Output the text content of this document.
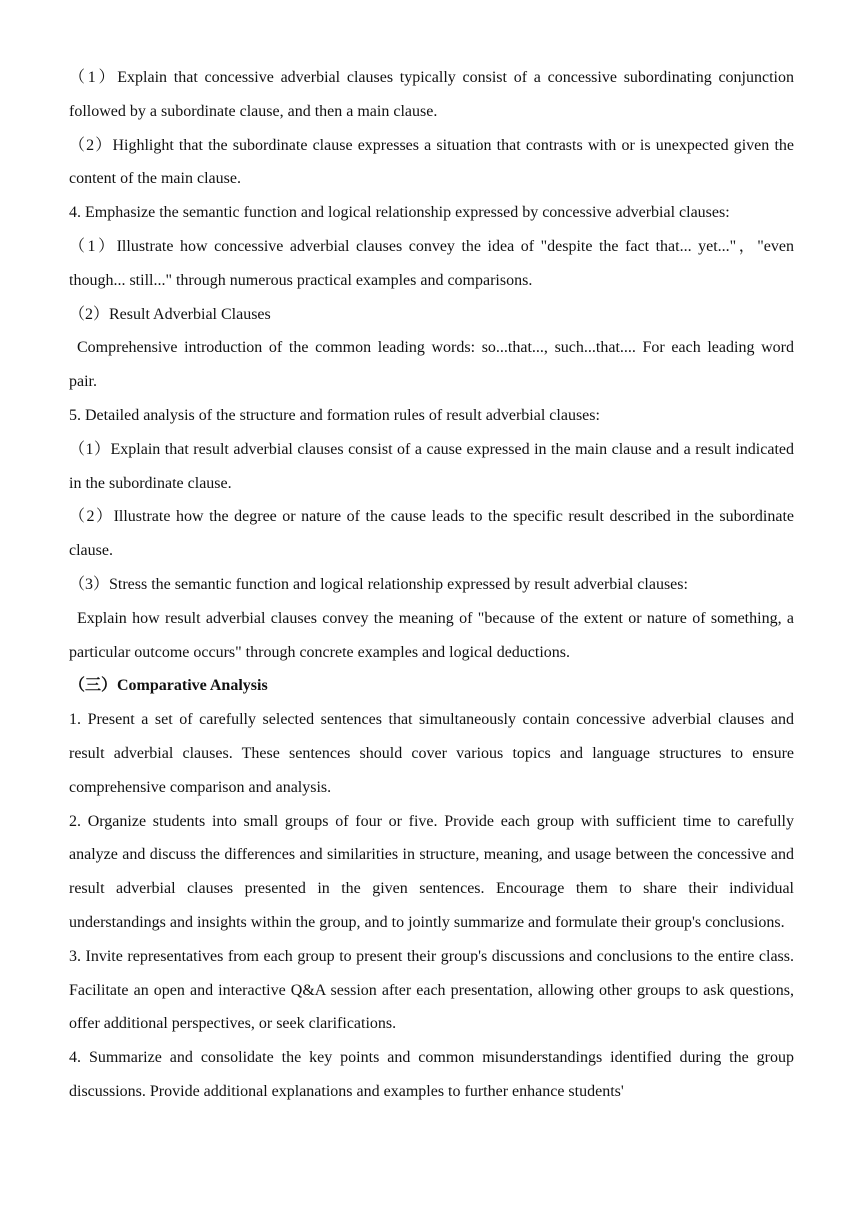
（1）Explain that concessive adverbial clauses typically consist of a concessive subordinating conjunction followed by a subordinate clause, and then a main clause.

（2）Highlight that the subordinate clause expresses a situation that contrasts with or is unexpected given the content of the main clause.

4. Emphasize the semantic function and logical relationship expressed by concessive adverbial clauses:

（1）Illustrate how concessive adverbial clauses convey the idea of "despite the fact that... yet..."，"even though... still..." through numerous practical examples and comparisons.

（2）Result Adverbial Clauses

Comprehensive introduction of the common leading words: so...that..., such...that.... For each leading word pair.

5. Detailed analysis of the structure and formation rules of result adverbial clauses:

（1）Explain that result adverbial clauses consist of a cause expressed in the main clause and a result indicated in the subordinate clause.

（2）Illustrate how the degree or nature of the cause leads to the specific result described in the subordinate clause.

（3）Stress the semantic function and logical relationship expressed by result adverbial clauses:

Explain how result adverbial clauses convey the meaning of "because of the extent or nature of something, a particular outcome occurs" through concrete examples and logical deductions.

（三）Comparative Analysis

1. Present a set of carefully selected sentences that simultaneously contain concessive adverbial clauses and result adverbial clauses. These sentences should cover various topics and language structures to ensure comprehensive comparison and analysis.

2. Organize students into small groups of four or five. Provide each group with sufficient time to carefully analyze and discuss the differences and similarities in structure, meaning, and usage between the concessive and result adverbial clauses presented in the given sentences. Encourage them to share their individual understandings and insights within the group, and to jointly summarize and formulate their group's conclusions.

3. Invite representatives from each group to present their group's discussions and conclusions to the entire class. Facilitate an open and interactive Q&A session after each presentation, allowing other groups to ask questions, offer additional perspectives, or seek clarifications.

4. Summarize and consolidate the key points and common misunderstandings identified during the group discussions. Provide additional explanations and examples to further enhance students'
